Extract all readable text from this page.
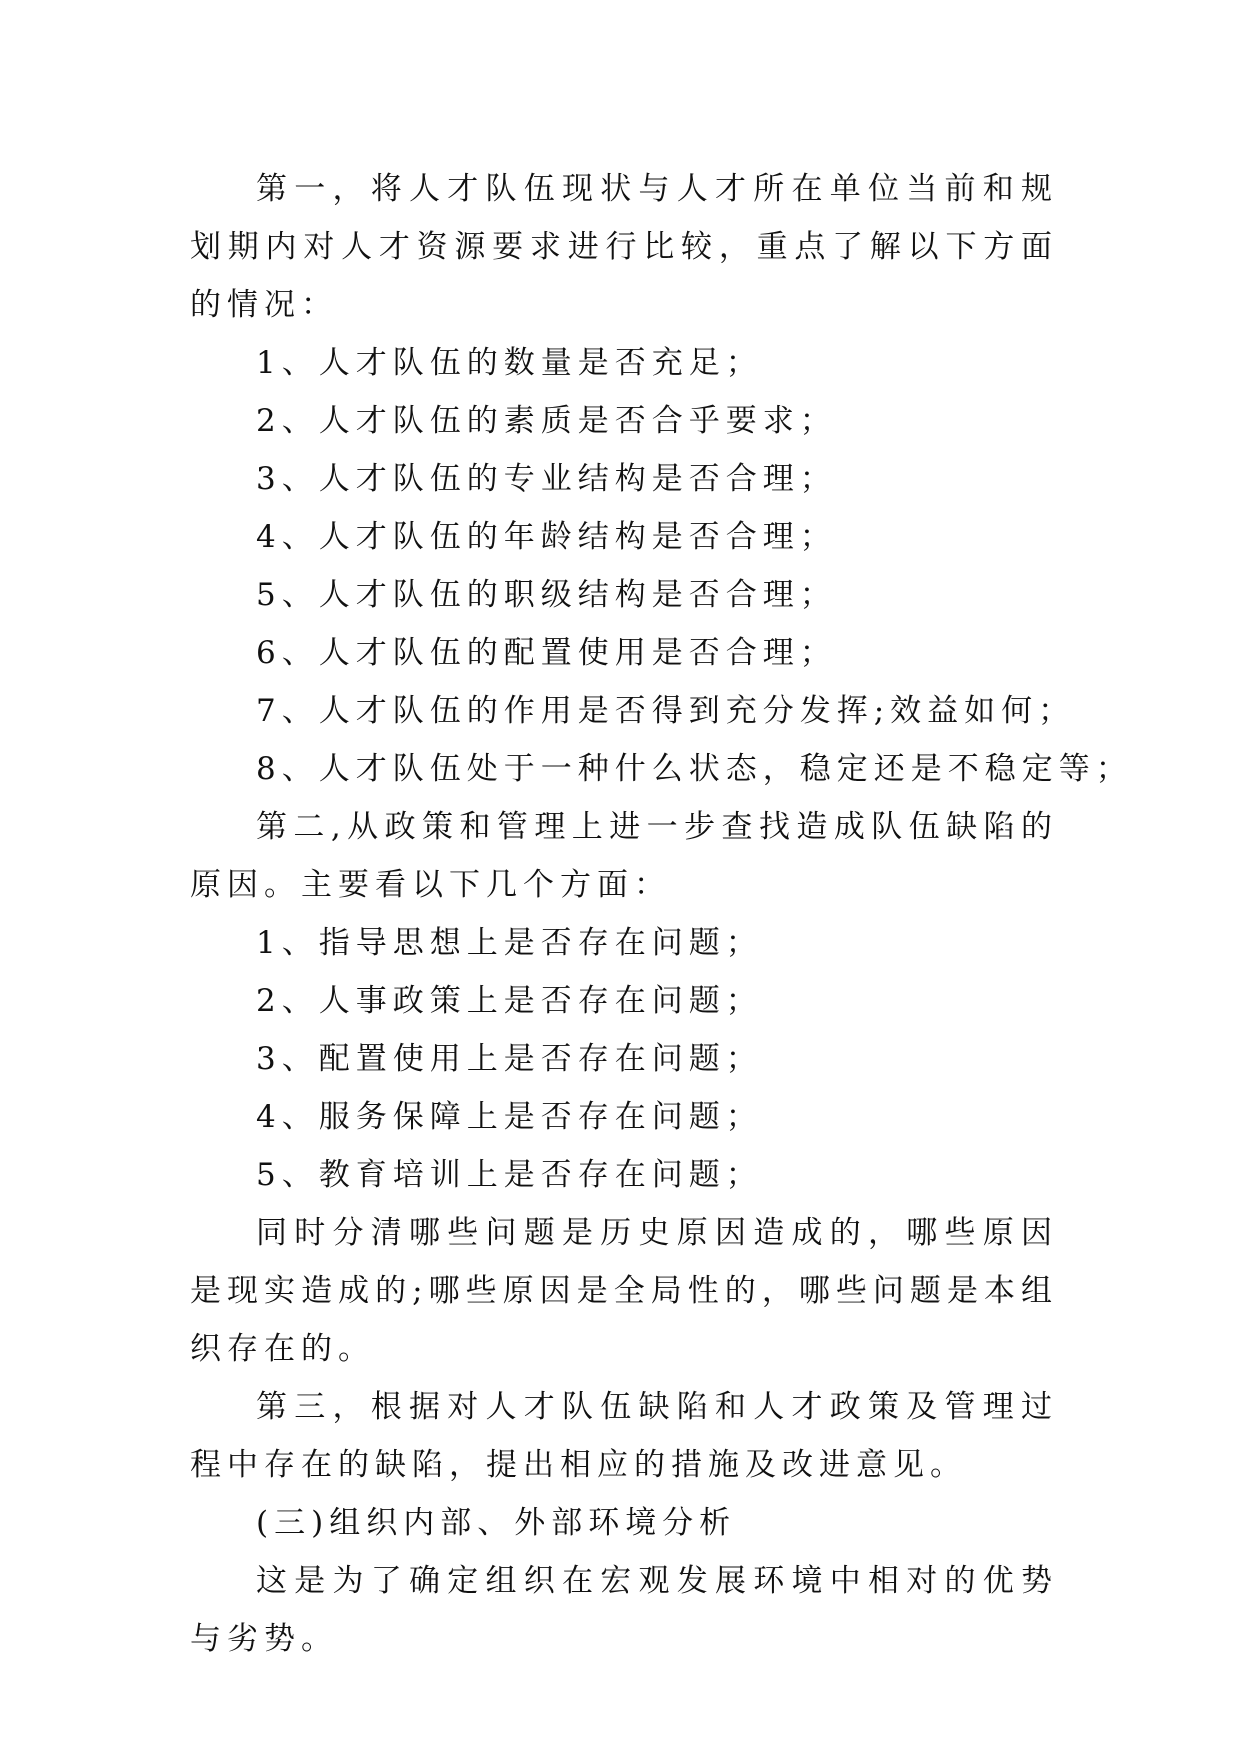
第一，将人才队伍现状与人才所在单位当前和规划期内对人才资源要求进行比较，重点了解以下方面的情况：

1、人才队伍的数量是否充足；

2、人才队伍的素质是否合乎要求；

3、人才队伍的专业结构是否合理；

4、人才队伍的年龄结构是否合理；

5、人才队伍的职级结构是否合理；

6、人才队伍的配置使用是否合理；

7、人才队伍的作用是否得到充分发挥;效益如何；

8、人才队伍处于一种什么状态，稳定还是不稳定等；

第二,从政策和管理上进一步查找造成队伍缺陷的原因。主要看以下几个方面：

1、指导思想上是否存在问题；

2、人事政策上是否存在问题；

3、配置使用上是否存在问题；

4、服务保障上是否存在问题；

5、教育培训上是否存在问题；

同时分清哪些问题是历史原因造成的，哪些原因是现实造成的;哪些原因是全局性的，哪些问题是本组织存在的。

第三，根据对人才队伍缺陷和人才政策及管理过程中存在的缺陷，提出相应的措施及改进意见。

(三)组织内部、外部环境分析

这是为了确定组织在宏观发展环境中相对的优势与劣势。
